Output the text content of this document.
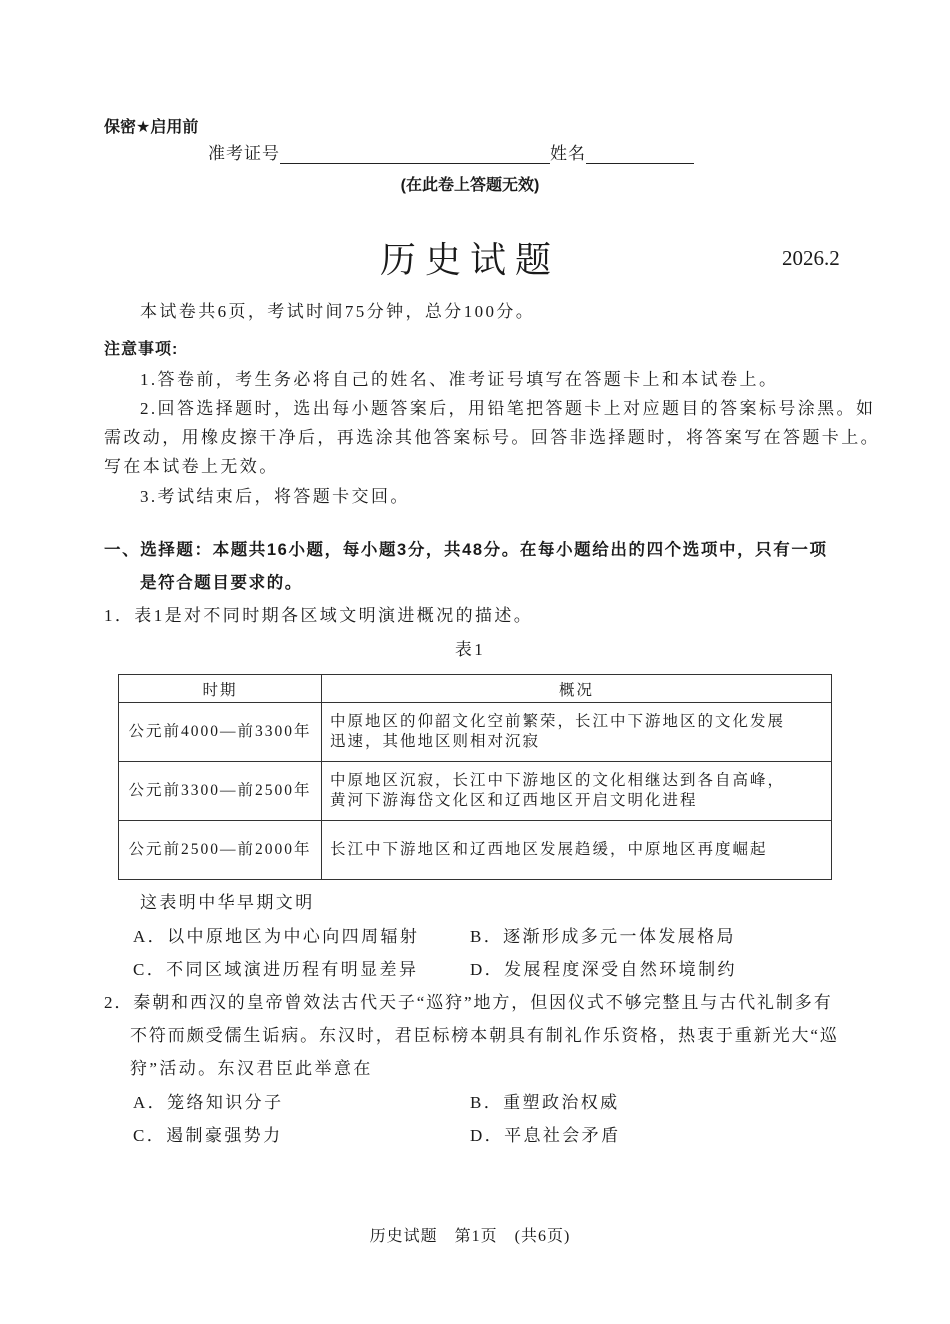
保密★启用前
准考证号	姓名
(在此卷上答题无效)
历史试题	2026.2
本试卷共6页，考试时间75分钟，总分100分。
注意事项:
1.答卷前，考生务必将自己的姓名、准考证号填写在答题卡上和本试卷上。
2.回答选择题时，选出每小题答案后，用铅笔把答题卡上对应题目的答案标号涂黑。如
需改动，用橡皮擦干净后，再选涂其他答案标号。回答非选择题时，将答案写在答题卡上。
写在本试卷上无效。
3.考试结束后，将答题卡交回。
一、选择题：本题共16小题，每小题3分，共48分。在每小题给出的四个选项中，只有一项
是符合题目要求的。
1．表1是对不同时期各区域文明演进概况的描述。
表1
时期	概况
公元前4000—前3300年	中原地区的仰韶文化空前繁荣，长江中下游地区的文化发展
迅速，其他地区则相对沉寂

公元前3300—前2500年	中原地区沉寂，长江中下游地区的文化相继达到各自高峰，
黄河下游海岱文化区和辽西地区开启文明化进程

公元前2500—前2000年	长江中下游地区和辽西地区发展趋缓，中原地区再度崛起
这表明中华早期文明
A．以中原地区为中心向四周辐射	B．逐渐形成多元一体发展格局
C．不同区域演进历程有明显差异	D．发展程度深受自然环境制约
2．秦朝和西汉的皇帝曾效法古代天子“巡狩”地方，但因仪式不够完整且与古代礼制多有
不符而颇受儒生诟病。东汉时，君臣标榜本朝具有制礼作乐资格，热衷于重新光大“巡
狩”活动。东汉君臣此举意在
A．笼络知识分子	B．重塑政治权威
C．遏制豪强势力	D．平息社会矛盾
历史试题　第1页　(共6页)
